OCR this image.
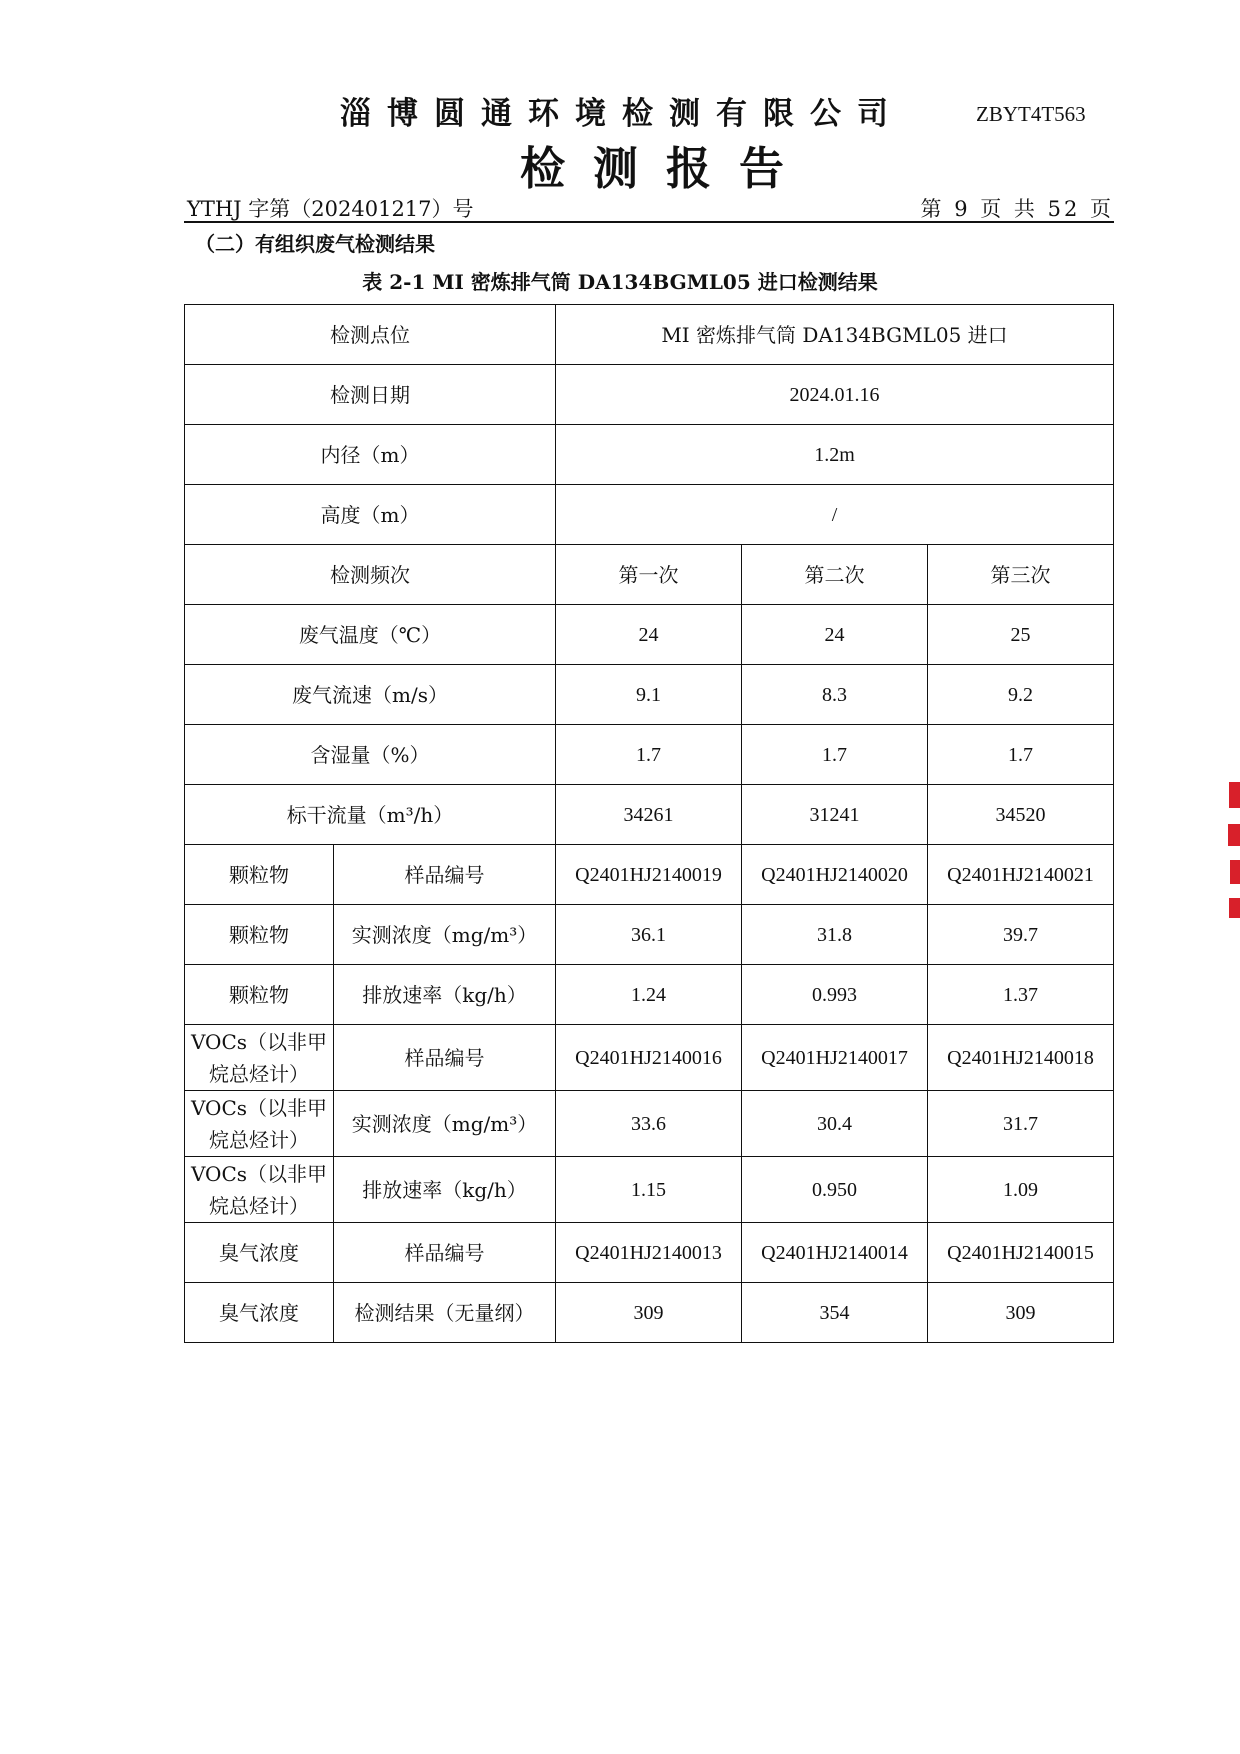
淄博圆通环境检测有限公司	ZBYT4T563
检测报告
YTHJ 字第（202401217）号	第 9 页 共 52 页
（二）有组织废气检测结果
表 2-1 MI 密炼排气筒 DA134BGML05 进口检测结果
检测点位		MI 密炼排气筒 DA134BGML05 进口		
检测日期		2024.01.16		
内径（m）		1.2m		
高度（m）		/		
检测频次		第一次	第二次	第三次
废气温度（℃）		24	24	25
废气流速（m/s）		9.1	8.3	9.2
含湿量（%）		1.7	1.7	1.7
标干流量（m³/h）		34261	31241	34520
颗粒物	样品编号	Q2401HJ2140019	Q2401HJ2140020	Q2401HJ2140021
颗粒物	实测浓度（mg/m³）	36.1	31.8	39.7
颗粒物	排放速率（kg/h）	1.24	0.993	1.37
VOCs（以非甲烷总烃计）	样品编号	Q2401HJ2140016	Q2401HJ2140017	Q2401HJ2140018
VOCs（以非甲烷总烃计）	实测浓度（mg/m³）	33.6	30.4	31.7
VOCs（以非甲烷总烃计）	排放速率（kg/h）	1.15	0.950	1.09
臭气浓度	样品编号	Q2401HJ2140013	Q2401HJ2140014	Q2401HJ2140015
臭气浓度	检测结果（无量纲）	309	354	309
